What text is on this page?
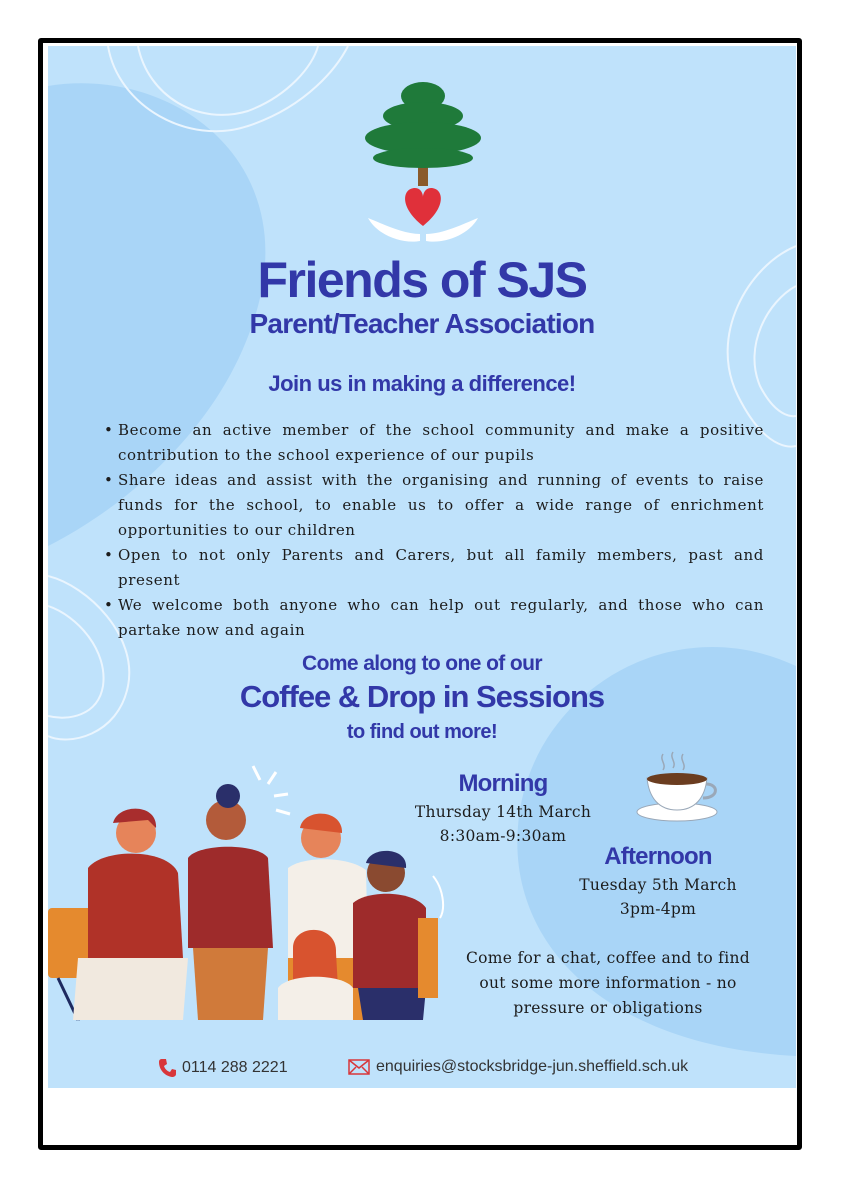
Friends of SJS
Parent/Teacher Association
Join us in making a difference!
• Become an active member of the school community and make a positive contribution to the school experience of our pupils
• Share ideas and assist with the organising and running of events to raise funds for the school, to enable us to offer a wide range of enrichment opportunities to our children
• Open to not only Parents and Carers, but all family members, past and present
• We welcome both anyone who can help out regularly, and those who can partake now and again
Come along to one of our
Coffee & Drop in Sessions
to find out more!
Morning
Thursday 14th March
8:30am-9:30am
Afternoon
Tuesday 5th March
3pm-4pm
Come for a chat, coffee and to find out some more information - no pressure or obligations
0114 288 2221	enquiries@stocksbridge-jun.sheffield.sch.uk
